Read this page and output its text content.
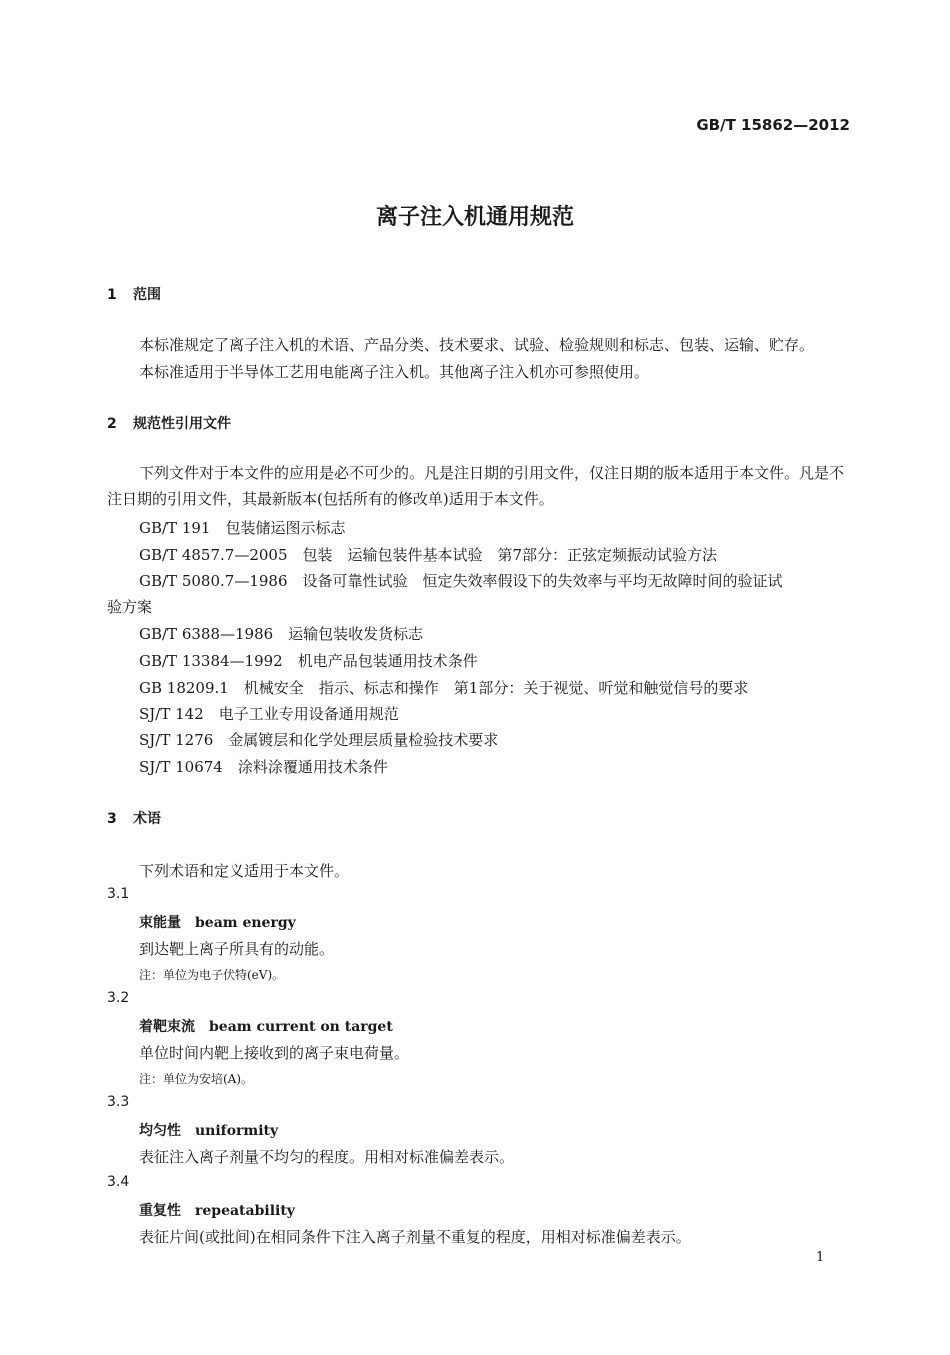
GB/T 15862—2012
离子注入机通用规范
1 范围
本标准规定了离子注入机的术语、产品分类、技术要求、试验、检验规则和标志、包装、运输、贮存。
本标准适用于半导体工艺用电能离子注入机。其他离子注入机亦可参照使用。
2 规范性引用文件
下列文件对于本文件的应用是必不可少的。凡是注日期的引用文件，仅注日期的版本适用于本文件。凡是不注日期的引用文件，其最新版本(包括所有的修改单)适用于本文件。
GB/T 191　包装储运图示标志
GB/T 4857.7—2005　包装　运输包装件基本试验　第7部分：正弦定频振动试验方法
GB/T 5080.7—1986　设备可靠性试验　恒定失效率假设下的失效率与平均无故障时间的验证试
验方案
GB/T 6388—1986　运输包装收发货标志
GB/T 13384—1992　机电产品包装通用技术条件
GB 18209.1　机械安全　指示、标志和操作　第1部分：关于视觉、听觉和触觉信号的要求
SJ/T 142　电子工业专用设备通用规范
SJ/T 1276　金属镀层和化学处理层质量检验技术要求
SJ/T 10674　涂料涂覆通用技术条件
3 术语
下列术语和定义适用于本文件。
3.1
束能量 beam energy
到达靶上离子所具有的动能。
注：单位为电子伏特(eV)。
3.2
着靶束流 beam current on target
单位时间内靶上接收到的离子束电荷量。
注：单位为安培(A)。
3.3
均匀性 uniformity
表征注入离子剂量不均匀的程度。用相对标准偏差表示。
3.4
重复性 repeatability
表征片间(或批间)在相同条件下注入离子剂量不重复的程度，用相对标准偏差表示。
1
